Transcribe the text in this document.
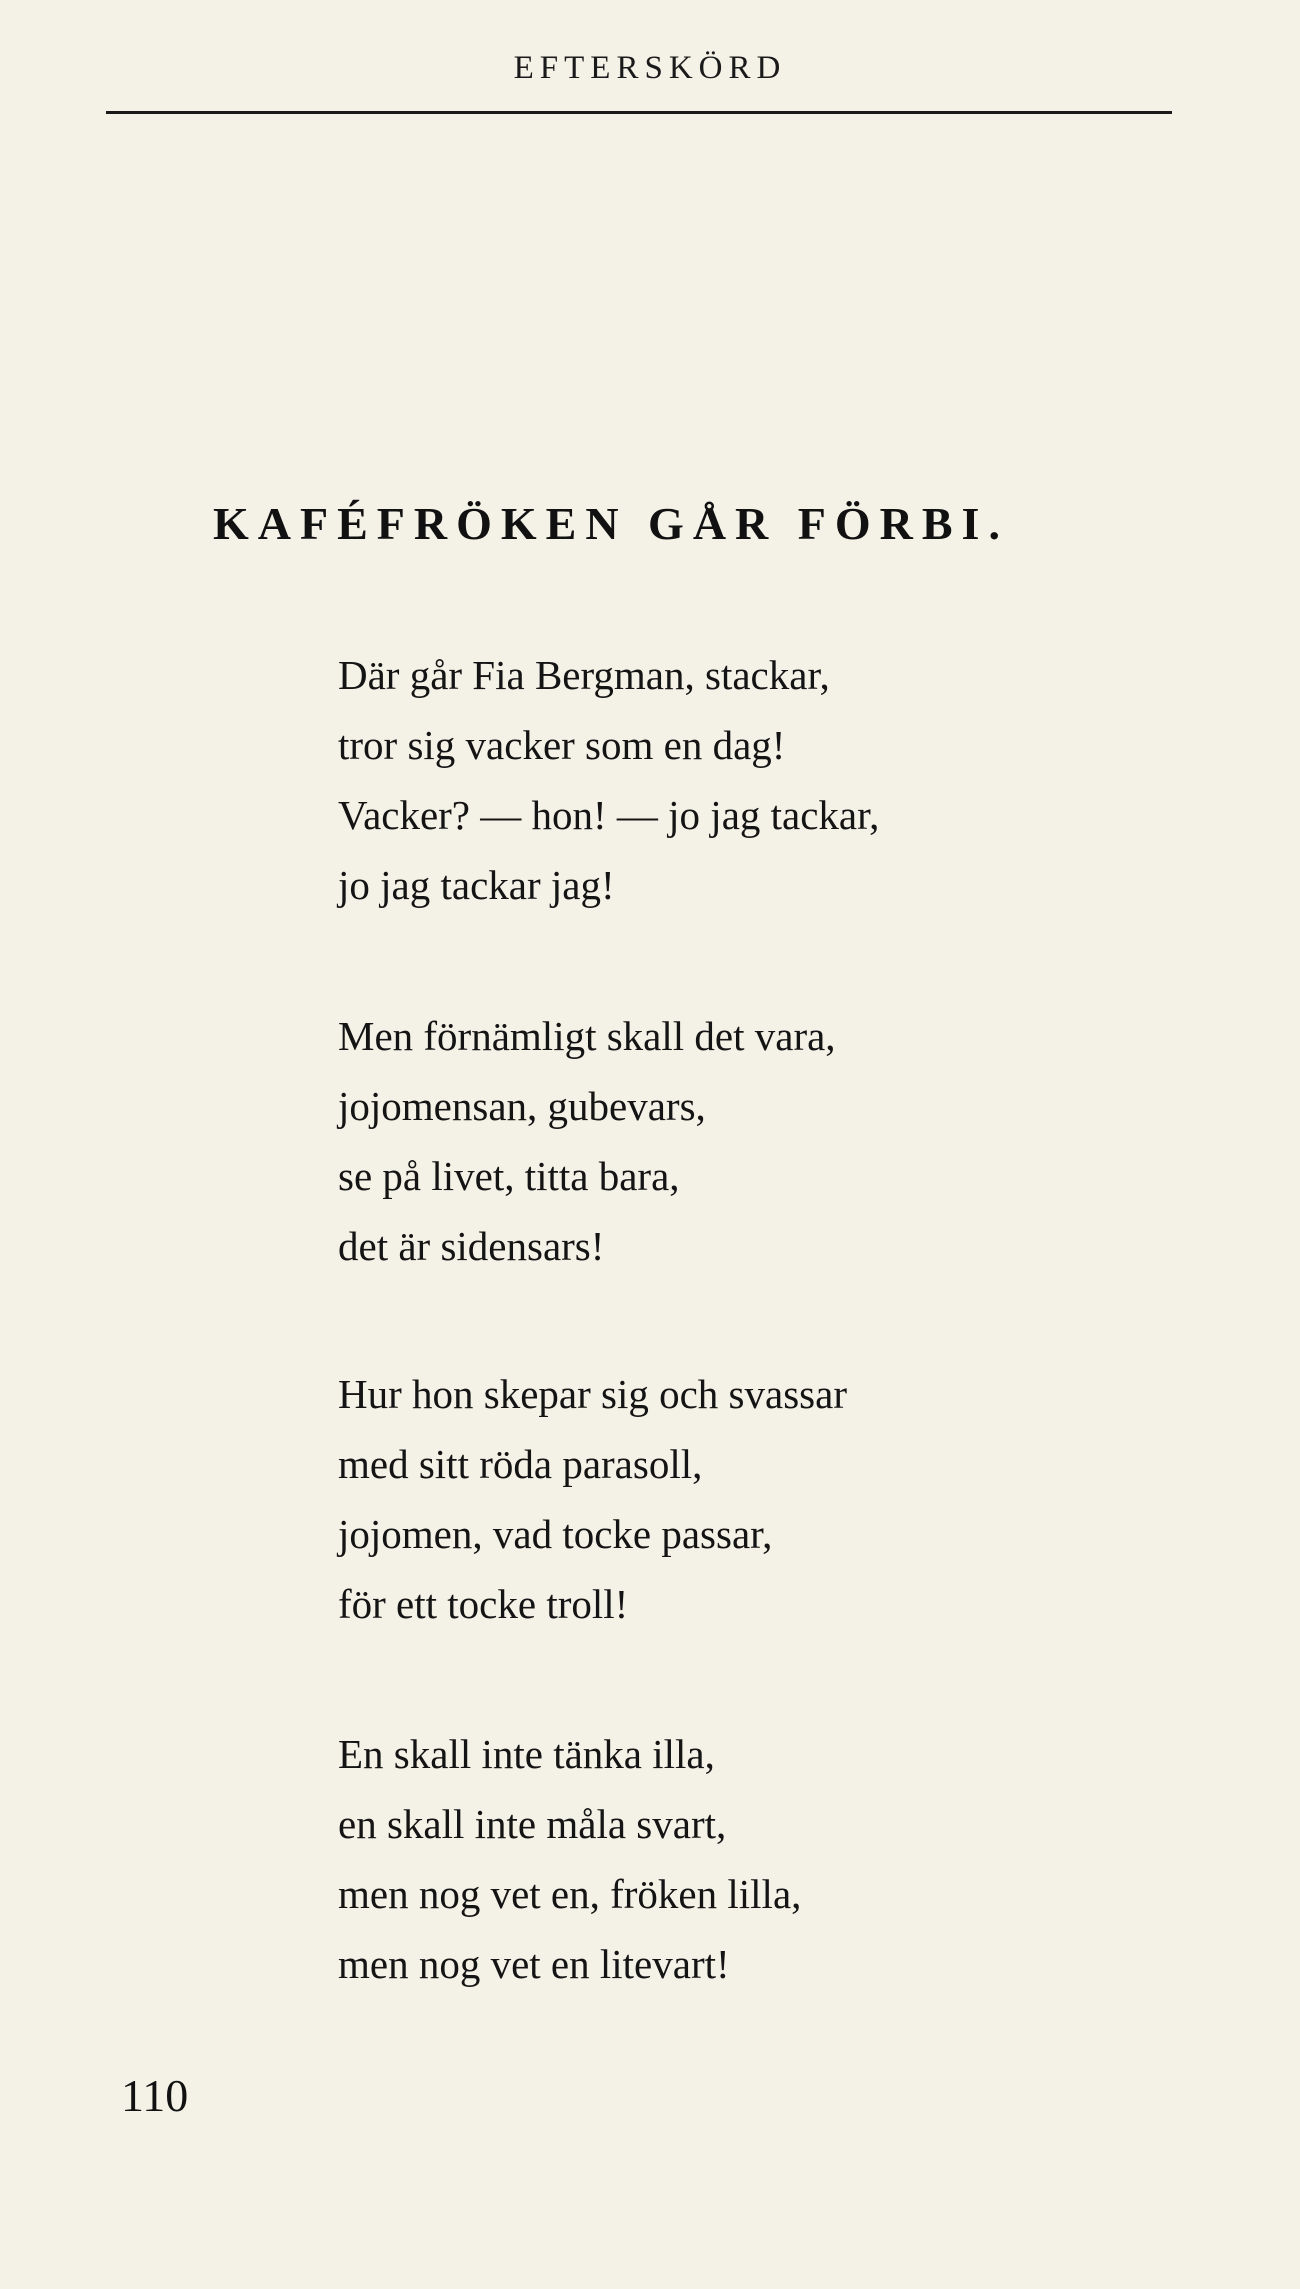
EFTERSKÖRD
KAFÉFRÖKEN GÅR FÖRBI.
Där går Fia Bergman, stackar,
tror sig vacker som en dag!
Vacker? — hon! — jo jag tackar,
jo jag tackar jag!
Men förnämligt skall det vara,
jojomensan, gubevars,
se på livet, titta bara,
det är sidensars!
Hur hon skepar sig och svassar
med sitt röda parasoll,
jojomen, vad tocke passar,
för ett tocke troll!
En skall inte tänka illa,
en skall inte måla svart,
men nog vet en, fröken lilla,
men nog vet en litevart!
110
